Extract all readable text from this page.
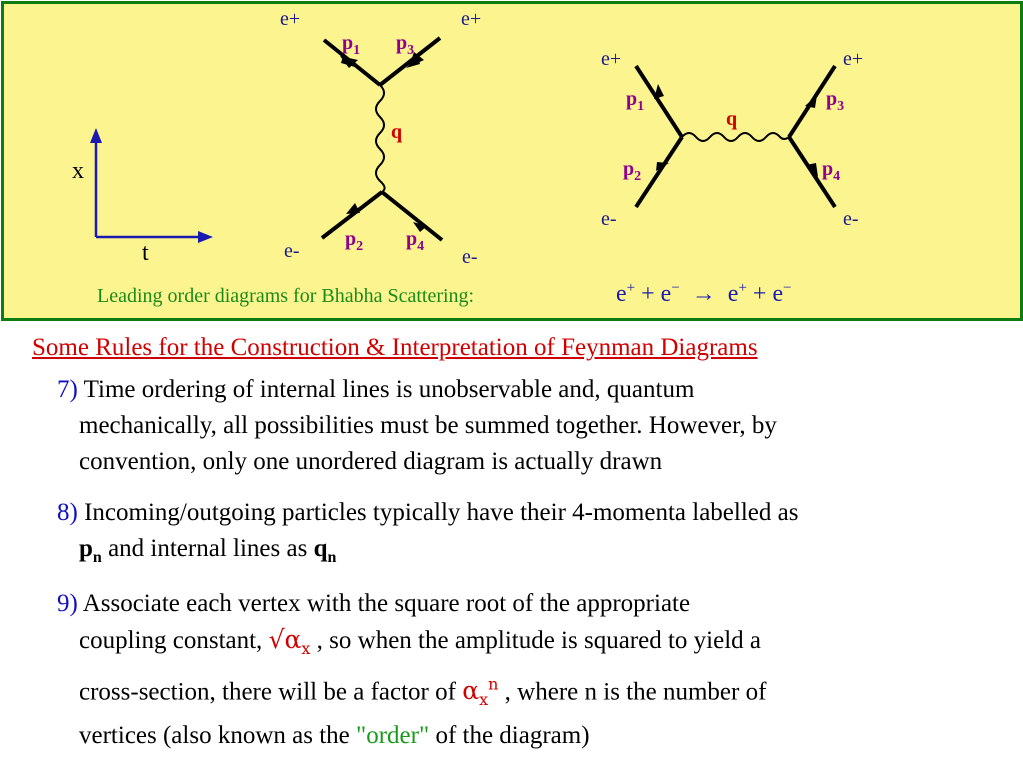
x
t
e+	e+
e-	e-
$p_1$ $p_3$
q
$p_2$ $p_4$
e+	e+
e-	e-
$p_1$	$p_3$
q
$p_2$	$p_4$
Leading order diagrams for Bhabha Scattering:	e+ + e− → e+ + e−
Some Rules for the Construction & Interpretation of Feynman Diagrams
7) Time ordering of internal lines is unobservable and, quantum
mechanically, all possibilities must be summed together. However, by
convention, only one unordered diagram is actually drawn
8) Incoming/outgoing particles typically have their 4-momenta labelled as
$p_n$ and internal lines as $q_n$
9) Associate each vertex with the square root of the appropriate
coupling constant, $√\alpha_x$ , so when the amplitude is squared to yield a
cross-section, there will be a factor of $\alpha_x^n$ , where n is the number of
vertices (also known as the "order" of the diagram)
